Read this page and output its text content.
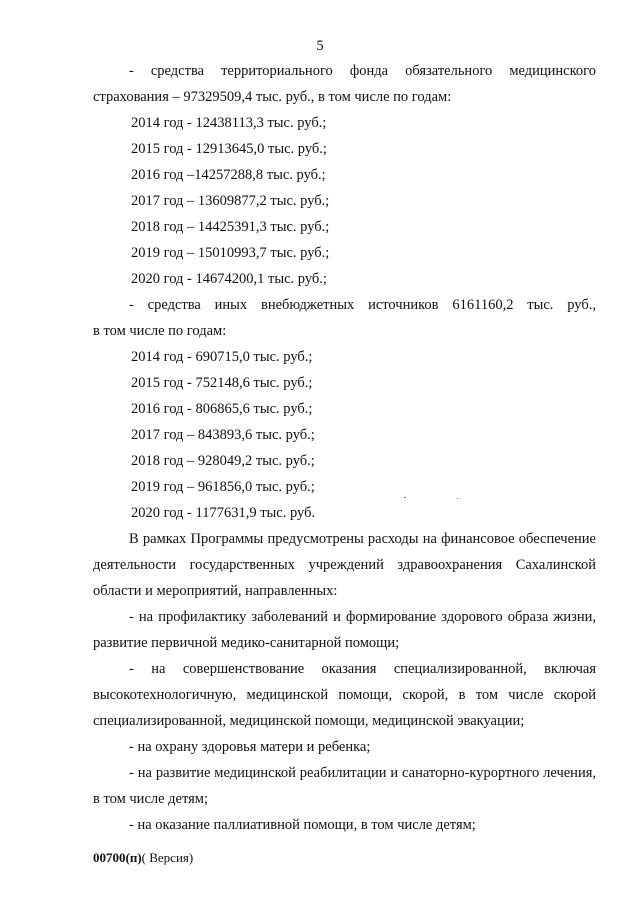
5

- средства территориального фонда обязательного медицинского

страхования – 97329509,4 тыс. руб., в том числе по годам:

2014 год - 12438113,3 тыс. руб.;

2015 год - 12913645,0 тыс. руб.;

2016 год –14257288,8 тыс. руб.;

2017 год – 13609877,2 тыс. руб.;

2018 год – 14425391,3 тыс. руб.;

2019 год – 15010993,7 тыс. руб.;

2020 год - 14674200,1 тыс. руб.;

- средства иных внебюджетных источников 6161160,2 тыс. руб.,

в том числе по годам:

2014 год - 690715,0 тыс. руб.;

2015 год - 752148,6 тыс. руб.;

2016 год - 806865,6 тыс. руб.;

2017 год – 843893,6 тыс. руб.;

2018 год – 928049,2 тыс. руб.;

2019 год – 961856,0 тыс. руб.;

2020 год - 1177631,9 тыс. руб.

В рамках Программы предусмотрены расходы на финансовое обеспечение деятельности государственных учреждений здравоохранения Сахалинской области и мероприятий, направленных:

- на профилактику заболеваний и формирование здорового образа жизни, развитие первичной медико-санитарной помощи;

- на совершенствование оказания специализированной, включая высокотехнологичную, медицинской помощи, скорой, в том числе скорой специализированной, медицинской помощи, медицинской эвакуации;

- на охрану здоровья матери и ребенка;

- на развитие медицинской реабилитации и санаторно-курортного лечения, в том числе детям;

- на оказание паллиативной помощи, в том числе детям;

00700(п)( Версия)
